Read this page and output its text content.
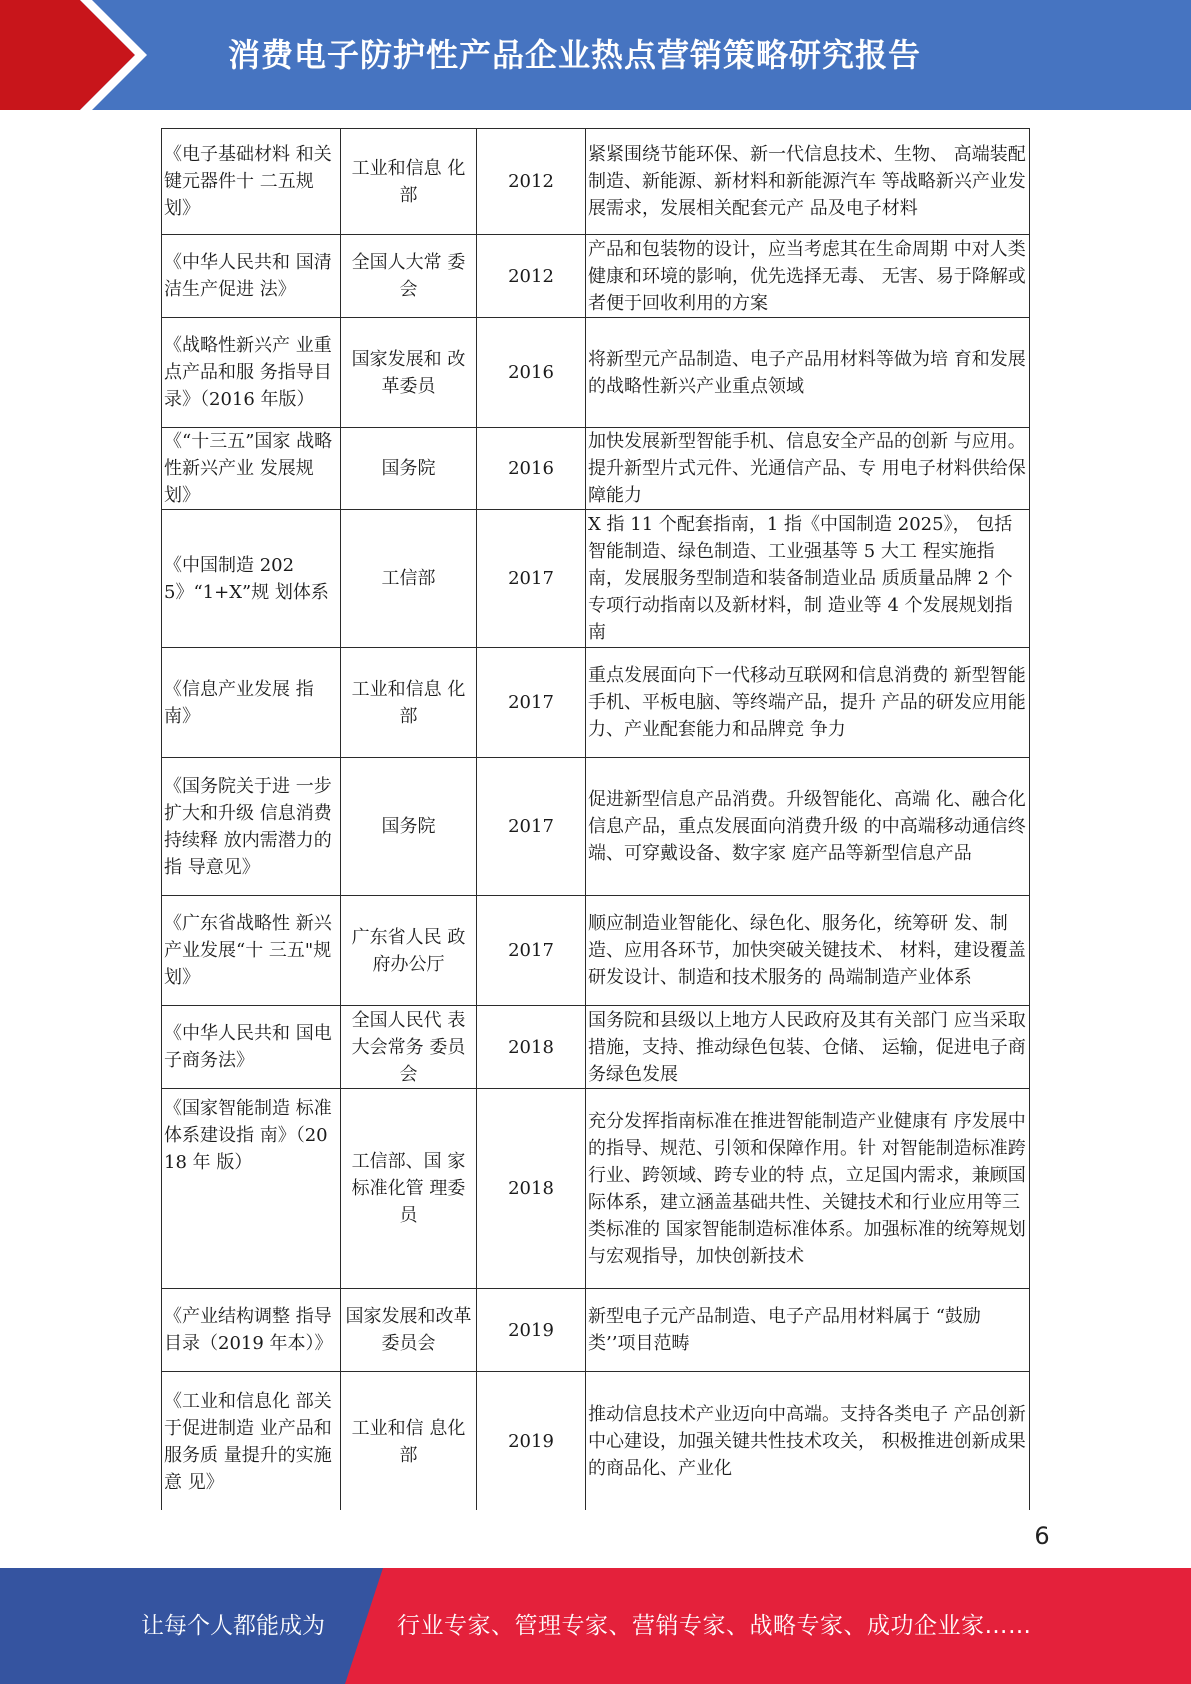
消费电子防护性产品企业热点营销策略研究报告
《电子基础材料 和关键元器件十 二五规划》	工业和信息 化部	2012	紧紧围绕节能环保、新一代信息技术、生物、 高端装配制造、新能源、新材料和新能源汽车 等战略新兴产业发展需求，发展相关配套元产 品及电子材料
《中华人民共和 国清洁生产促进 法》	全国人大常 委会	2012	产品和包装物的设计，应当考虑其在生命周期 中对人类健康和环境的影响，优先选择无毒、 无害、易于降解或者便于回收利用的方案
《战略性新兴产 业重点产品和服 务指导目录》（2016 年版）	国家发展和 改革委员	2016	将新型元产品制造、电子产品用材料等做为培 育和发展的战略性新兴产业重点领域
《“十三五”国家 战略性新兴产业 发展规划》	国务院	2016	加快发展新型智能手机、信息安全产品的创新 与应用。提升新型片式元件、光通信产品、专 用电子材料供给保障能力
《中国制造 2025》“1+X”规 划体系	工信部	2017	X 指 11 个配套指南，1 指《中国制造 2025》， 包括智能制造、绿色制造、工业强基等 5 大工 程实施指南，发展服务型制造和装备制造业品 质质量品牌 2 个专项行动指南以及新材料，制 造业等 4 个发展规划指南
《信息产业发展 指南》	工业和信息 化部	2017	重点发展面向下一代移动互联网和信息消费的 新型智能手机、平板电脑、等终端产品，提升 产品的研发应用能力、产业配套能力和品牌竞 争力
《国务院关于进 一步扩大和升级 信息消费持续释 放内需潜力的指 导意见》	国务院	2017	促进新型信息产品消费。升级智能化、高端 化、融合化信息产品，重点发展面向消费升级 的中高端移动通信终端、可穿戴设备、数字家 庭产品等新型信息产品
《广东省战略性 新兴产业发展“十 三五"规划》	广东省人民 政府办公厅	2017	顺应制造业智能化、绿色化、服务化，统筹研 发、制造、应用各环节，加快突破关键技术、 材料，建设覆盖研发设计、制造和技术服务的 咼端制造产业体系
《中华人民共和 国电子商务法》	全国人民代 表大会常务 委员会	2018	国务院和县级以上地方人民政府及其有关部门 应当采取措施，支持、推动绿色包装、仓储、 运输，促进电子商务绿色发展
《国家智能制造 标准体系建设指 南》（2018 年 版）	工信部、国 家标准化管 理委员	2018	充分发挥指南标准在推进智能制造产业健康有 序发展中的指导、规范、引领和保障作用。针 对智能制造标准跨行业、跨领域、跨专业的特 点，立足国内需求，兼顾国际体系，建立涵盖基础共性、关键技术和行业应用等三类标准的 国家智能制造标准体系。加强标准的统筹规划 与宏观指导，加快创新技术
《产业结构调整 指导目录（2019 年本）》	国家发展和改革委员会	2019	新型电子元产品制造、电子产品用材料属于 “鼓励类’’项目范畴
《工业和信息化 部关于促进制造 业产品和服务质 量提升的实施意 见》	工业和信 息化部	2019	推动信息技术产业迈向中高端。支持各类电子 产品创新中心建设，加强关键共性技术攻关， 积极推进创新成果的商品化、产业化
6
让每个人都能成为	行业专家、管理专家、营销专家、战略专家、成功企业家……
